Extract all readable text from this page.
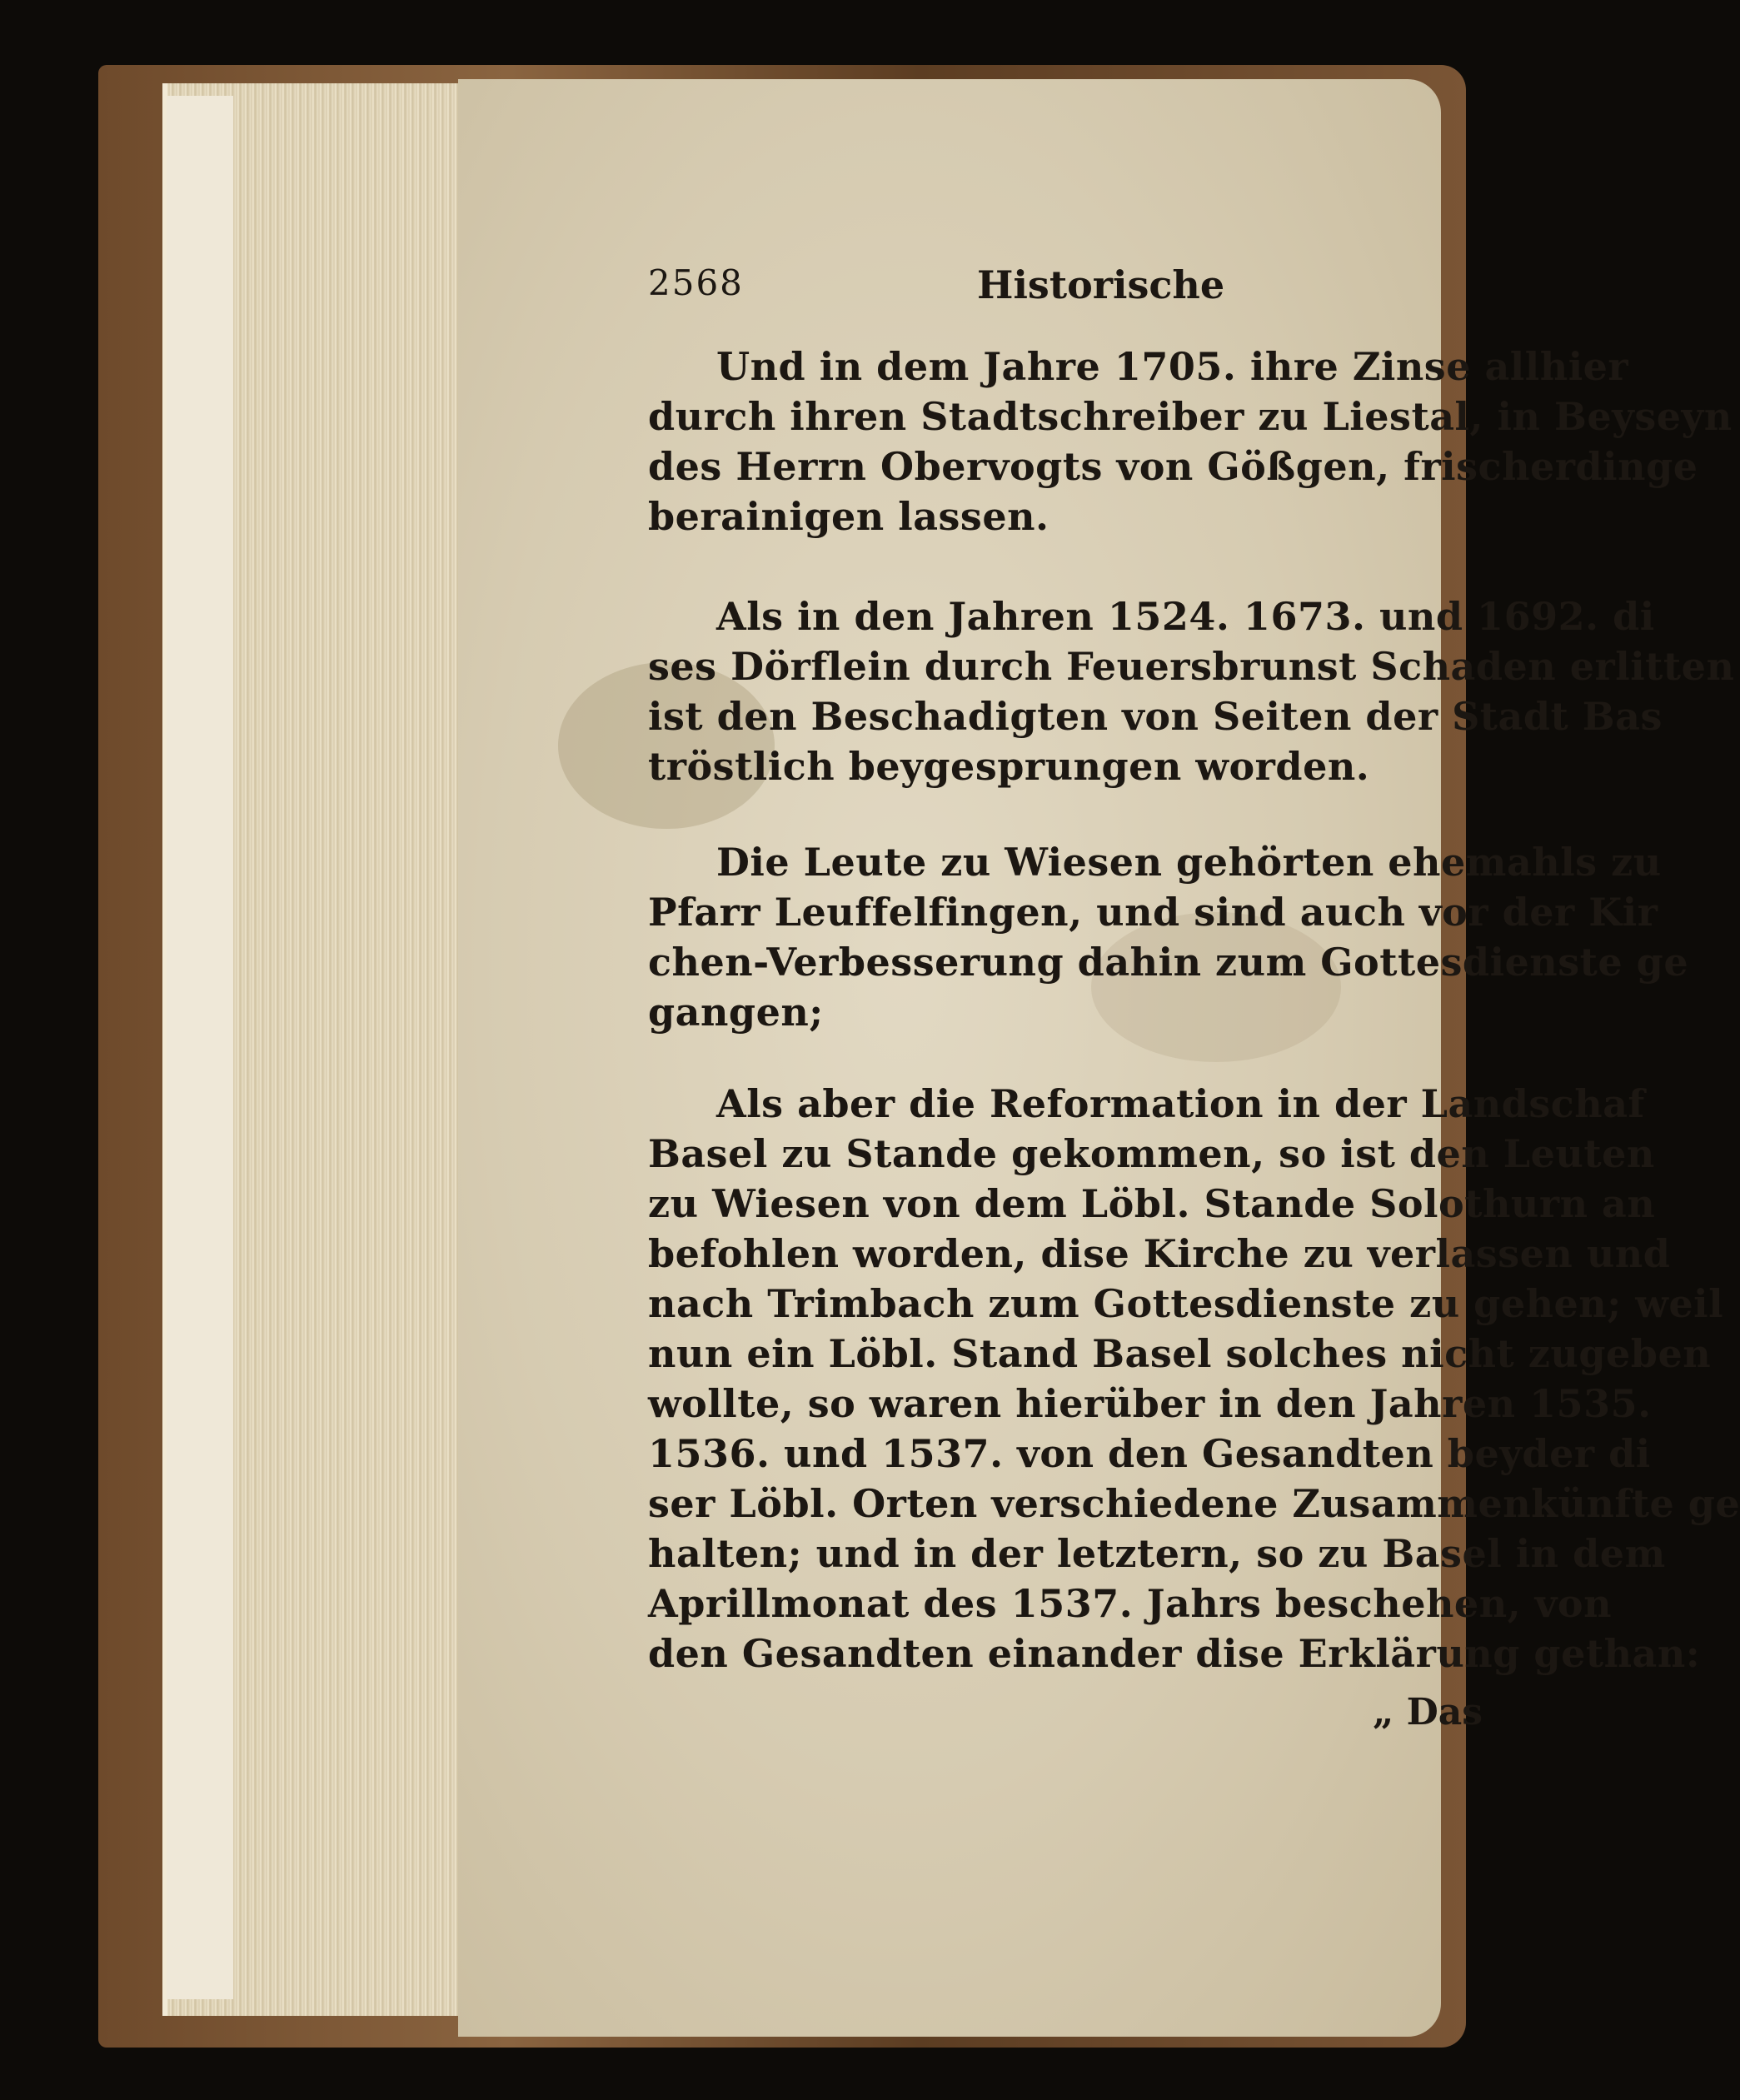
2568	Historische
Und in dem Jahre 1705. ihre Zinse allhier
durch ihren Stadtschreiber zu Liestal, in Beyseyn
des Herrn Obervogts von Gößgen, frischerdinge
berainigen lassen.
Als in den Jahren 1524. 1673. und 1692. di
ses Dörflein durch Feuersbrunst Schaden erlitten
ist den Beschadigten von Seiten der Stadt Bas
tröstlich beygesprungen worden.
Die Leute zu Wiesen gehörten ehemahls zu
Pfarr Leuffelfingen, und sind auch vor der Kir
chen-Verbesserung dahin zum Gottesdienste ge
gangen;
Als aber die Reformation in der Landschaf
Basel zu Stande gekommen, so ist den Leuten
zu Wiesen von dem Löbl. Stande Solothurn an
befohlen worden, dise Kirche zu verlassen und
nach Trimbach zum Gottesdienste zu gehen; weil
nun ein Löbl. Stand Basel solches nicht zugeben
wollte, so waren hierüber in den Jahren 1535.
1536. und 1537. von den Gesandten beyder di
ser Löbl. Orten verschiedene Zusammenkünfte ge
halten; und in der letztern, so zu Basel in dem
Aprillmonat des 1537. Jahrs beschehen, von
den Gesandten einander dise Erklärung gethan:
„ Das
